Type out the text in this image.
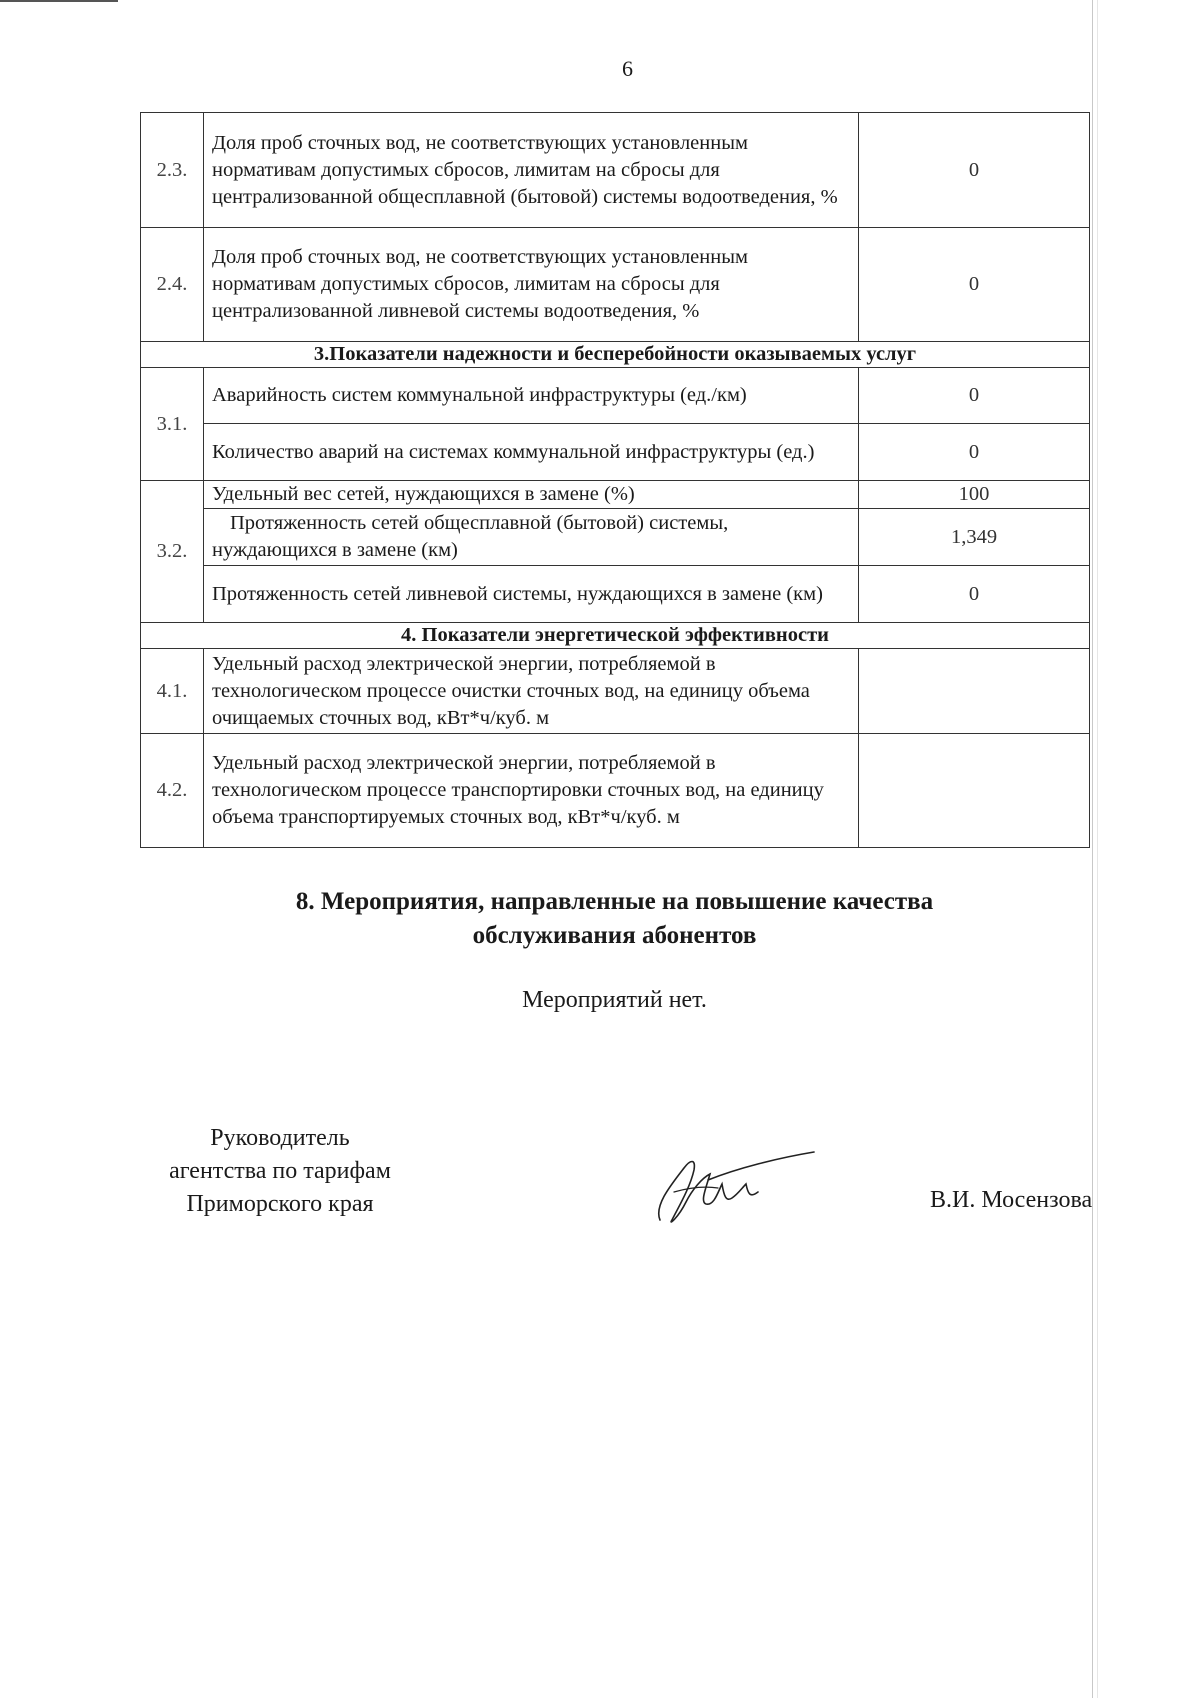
6
2.3.	Доля проб сточных вод, не соответствующих установленным нормативам допустимых сбросов, лимитам на сбросы для централизованной общесплавной (бытовой) системы водоотведения, %	0
2.4.	Доля проб сточных вод, не соответствующих установленным нормативам допустимых сбросов, лимитам на сбросы для централизованной ливневой системы водоотведения, %	0
3.Показатели надежности и бесперебойности оказываемых услуг		
3.1.	Аварийность систем коммунальной инфраструктуры (ед./км)	0
	Количество аварий на системах коммунальной инфраструктуры (ед.)	0
3.2.	Удельный вес сетей, нуждающихся в замене (%)	100
	Протяженность сетей общесплавной (бытовой) системы, нуждающихся в замене (км)	1,349
	Протяженность сетей ливневой системы, нуждающихся в замене (км)	0
4. Показатели энергетической эффективности		
4.1.	Удельный расход электрической энергии, потребляемой в технологическом процессе очистки сточных вод, на единицу объема очищаемых сточных вод, кВт*ч/куб. м	
4.2.	Удельный расход электрической энергии, потребляемой в технологическом процессе транспортировки сточных вод, на единицу объема транспортируемых сточных вод, кВт*ч/куб. м	
8. Мероприятия, направленные на повышение качества
обслуживания абонентов
Мероприятий нет.
Руководитель
агентства по тарифам
Приморского края	В.И. Мосензова
